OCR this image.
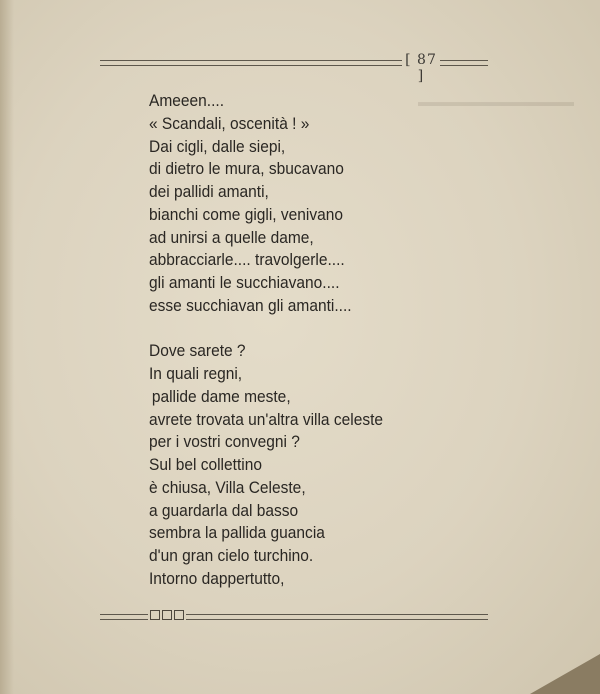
▬▬▬▬▬▬▬▬▬▬▬▬
[ 87 ]
Ameeen....
« Scandali, oscenità ! »
Dai cigli, dalle siepi,
di dietro le mura, sbucavano
dei pallidi amanti,
bianchi come gigli, venivano
ad unirsi a quelle dame,
abbracciarle.... travolgerle....
gli amanti le succhiavano....
esse succhiavan gli amanti....
Dove sarete ?
In quali regni,
pallide dame meste,
avrete trovata un'altra villa celeste
per i vostri convegni ?
Sul bel collettino
è chiusa, Villa Celeste,
a guardarla dal basso
sembra la pallida guancia
d'un gran cielo turchino.
Intorno dappertutto,
